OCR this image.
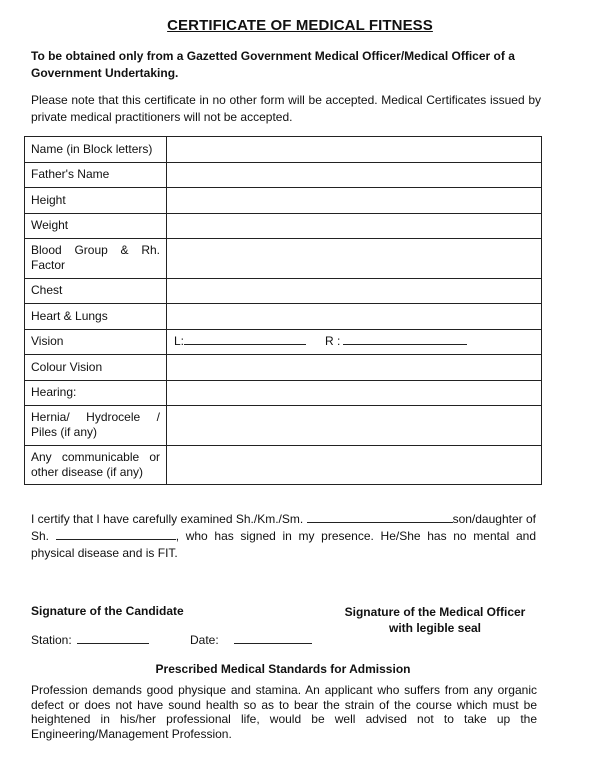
CERTIFICATE OF MEDICAL FITNESS
To be obtained only from a Gazetted Government Medical Officer/Medical Officer of a Government Undertaking.
Please note that this certificate in no other form will be accepted. Medical Certificates issued by private medical practitioners will not be accepted.
Name (in Block letters)	
Father's Name	
Height	
Weight	
Blood Group & Rh. Factor	
Chest	
Heart & Lungs	
Vision	L: R :
Colour Vision	
Hearing:	
Hernia/ Hydrocele / Piles (if any)	
Any communicable or other disease (if any)	
I certify that I have carefully examined Sh./Km./Sm.	son/daughter of Sh.	, who has signed in my presence. He/She has no mental and physical disease and is FIT.
Signature of the Candidate	Signature of the Medical Officer
with legible seal
Station:	Date:
Prescribed Medical Standards for Admission
Profession demands good physique and stamina. An applicant who suffers from any organic defect or does not have sound health so as to bear the strain of the course which must be heightened in his/her professional life, would be well advised not to take up the Engineering/Management Profession.
